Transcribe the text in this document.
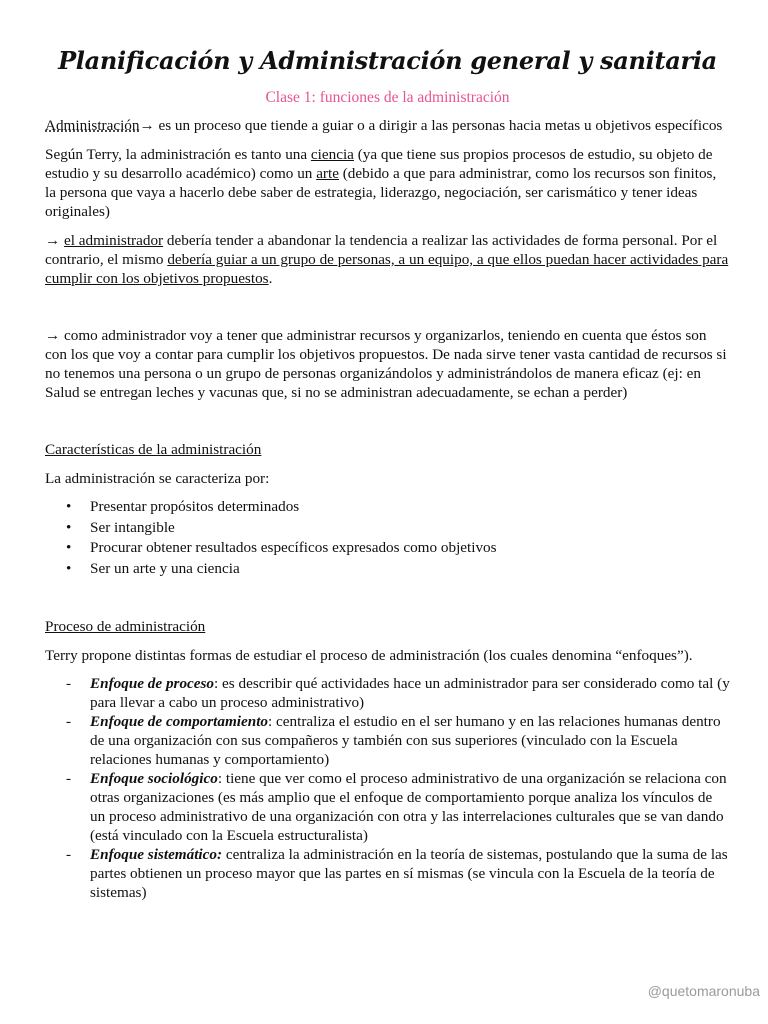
Planificación y Administración general y sanitaria
Clase 1: funciones de la administración

Administración→ es un proceso que tiende a guiar o a dirigir a las personas hacia metas u objetivos específicos

Según Terry, la administración es tanto una ciencia (ya que tiene sus propios procesos de estudio, su objeto de estudio y su desarrollo académico) como un arte (debido a que para administrar, como los recursos son finitos, la persona que vaya a hacerlo debe saber de estrategia, liderazgo, negociación, ser carismático y tener ideas originales)

→ el administrador debería tender a abandonar la tendencia a realizar las actividades de forma personal. Por el contrario, el mismo debería guiar a un grupo de personas, a un equipo, a que ellos puedan hacer actividades para cumplir con los objetivos propuestos.

→ como administrador voy a tener que administrar recursos y organizarlos, teniendo en cuenta que éstos son con los que voy a contar para cumplir los objetivos propuestos. De nada sirve tener vasta cantidad de recursos si no tenemos una persona o un grupo de personas organizándolos y administrándolos de manera eficaz (ej: en Salud se entregan leches y vacunas que, si no se administran adecuadamente, se echan a perder)

Características de la administración

La administración se caracteriza por:

• Presentar propósitos determinados
• Ser intangible
• Procurar obtener resultados específicos expresados como objetivos
• Ser un arte y una ciencia
Proceso de administración

Terry propone distintas formas de estudiar el proceso de administración (los cuales denomina “enfoques”).

- Enfoque de proceso: es describir qué actividades hace un administrador para ser considerado como tal (y para llevar a cabo un proceso administrativo)
- Enfoque de comportamiento: centraliza el estudio en el ser humano y en las relaciones humanas dentro de una organización con sus compañeros y también con sus superiores (vinculado con la Escuela relaciones humanas y comportamiento)
- Enfoque sociológico: tiene que ver como el proceso administrativo de una organización se relaciona con otras organizaciones (es más amplio que el enfoque de comportamiento porque analiza los vínculos de un proceso administrativo de una organización con otra y las interrelaciones culturales que se van dando (está vinculado con la Escuela estructuralista)
- Enfoque sistemático: centraliza la administración en la teoría de sistemas, postulando que la suma de las partes obtienen un proceso mayor que las partes en sí mismas (se vincula con la Escuela de la teoría de sistemas)
@quetomaronuba
